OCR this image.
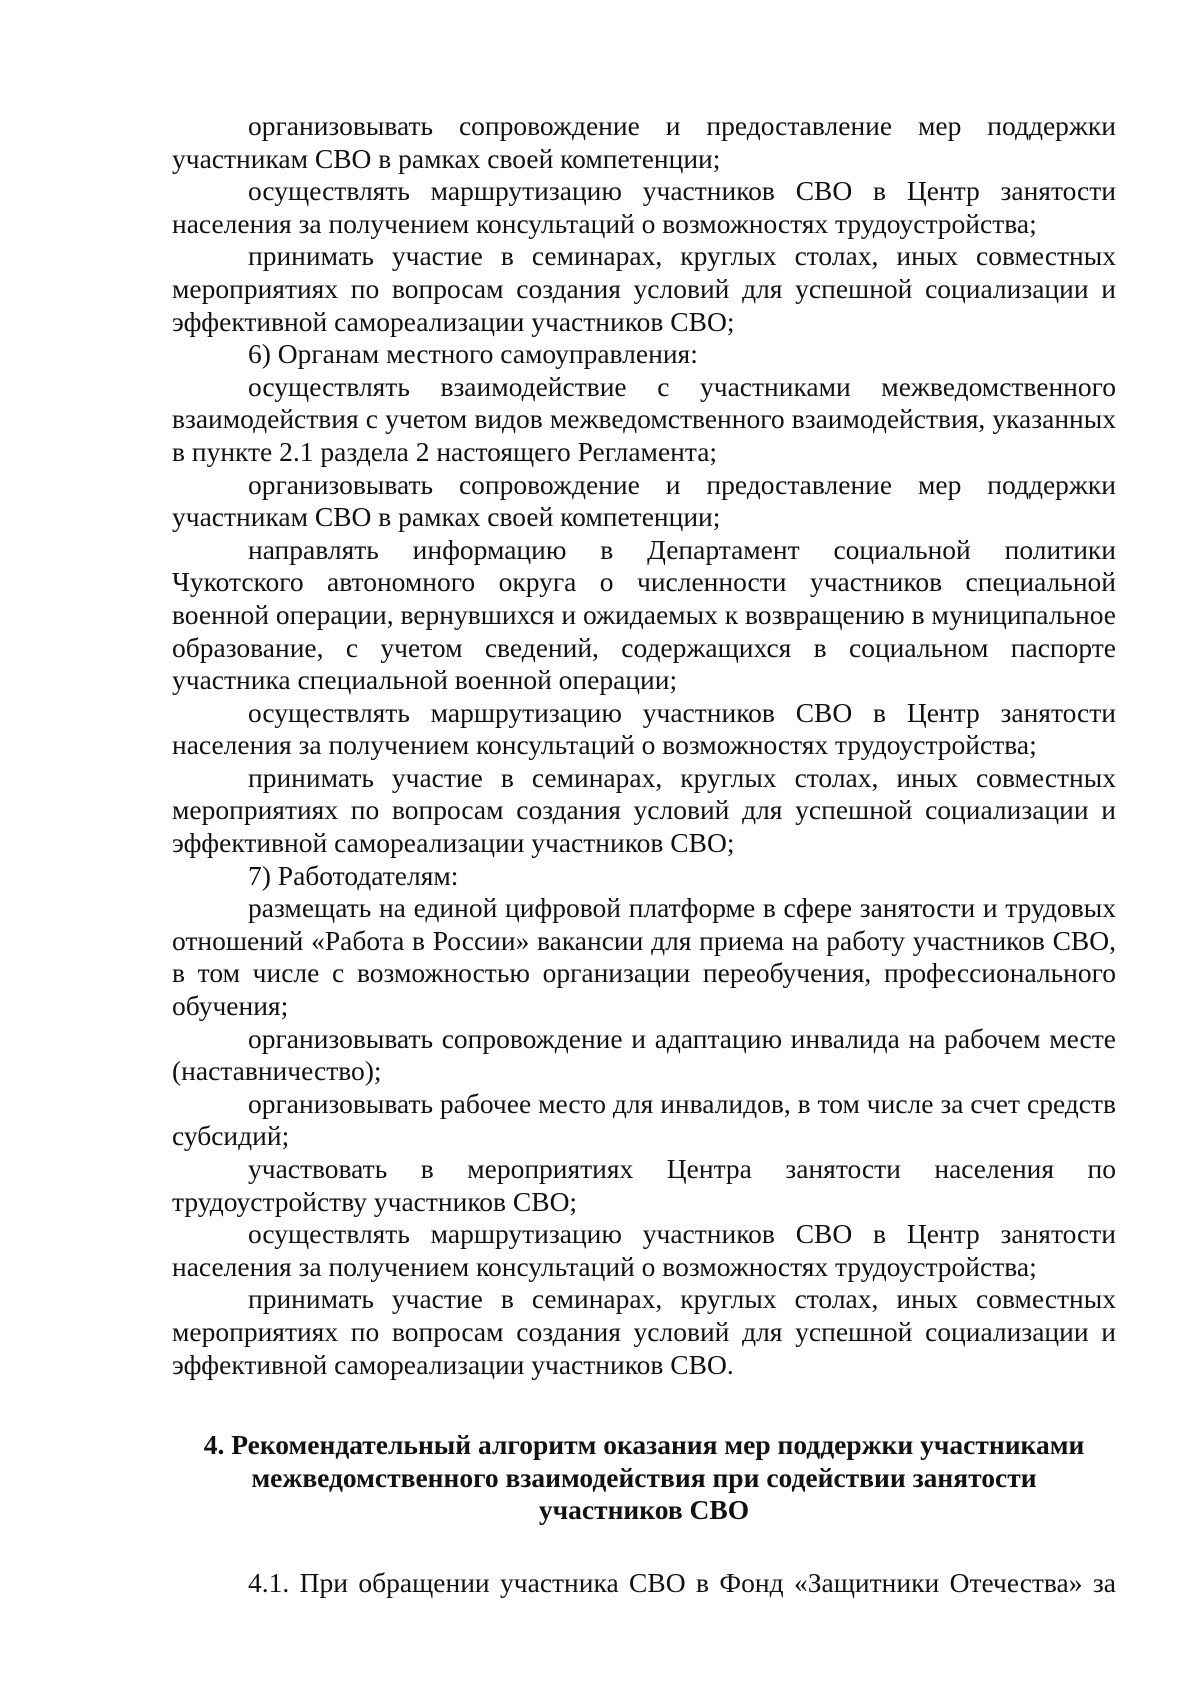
организовывать сопровождение и предоставление мер поддержки участникам СВО в рамках своей компетенции;

осуществлять маршрутизацию участников СВО в Центр занятости населения за получением консультаций о возможностях трудоустройства;

принимать участие в семинарах, круглых столах, иных совместных мероприятиях по вопросам создания условий для успешной социализации и эффективной самореализации участников СВО;

6) Органам местного самоуправления:

осуществлять взаимодействие с участниками межведомственного взаимодействия с учетом видов межведомственного взаимодействия, указанных в пункте 2.1 раздела 2 настоящего Регламента;

организовывать сопровождение и предоставление мер поддержки участникам СВО в рамках своей компетенции;

направлять информацию в Департамент социальной политики Чукотского автономного округа о численности участников специальной военной операции, вернувшихся и ожидаемых к возвращению в муниципальное образование, с учетом сведений, содержащихся в социальном паспорте участника специальной военной операции;

осуществлять маршрутизацию участников СВО в Центр занятости населения за получением консультаций о возможностях трудоустройства;

принимать участие в семинарах, круглых столах, иных совместных мероприятиях по вопросам создания условий для успешной социализации и эффективной самореализации участников СВО;

7) Работодателям:

размещать на единой цифровой платформе в сфере занятости и трудовых отношений «Работа в России» вакансии для приема на работу участников СВО, в том числе с возможностью организации переобучения, профессионального обучения;

организовывать сопровождение и адаптацию инвалида на рабочем месте (наставничество);

организовывать рабочее место для инвалидов, в том числе за счет средств субсидий;

участвовать в мероприятиях Центра занятости населения по трудоустройству участников СВО;

осуществлять маршрутизацию участников СВО в Центр занятости населения за получением консультаций о возможностях трудоустройства;

принимать участие в семинарах, круглых столах, иных совместных мероприятиях по вопросам создания условий для успешной социализации и эффективной самореализации участников СВО.

4. Рекомендательный алгоритм оказания мер поддержки участниками
межведомственного взаимодействия при содействии занятости
участников СВО

4.1. При обращении участника СВО в Фонд «Защитники Отечества» за
